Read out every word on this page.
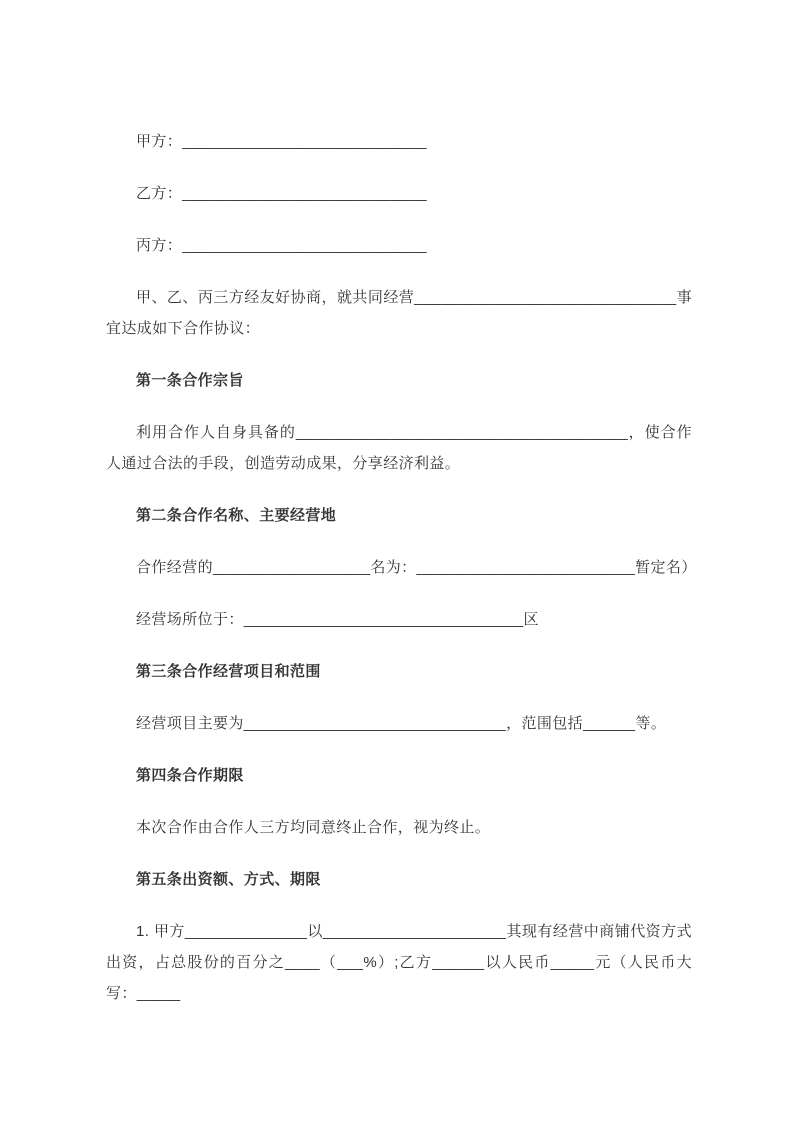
甲方：____________________________

乙方：____________________________

丙方：____________________________

甲、乙、丙三方经友好协商，就共同经营______________________________事宜达成如下合作协议：

第一条合作宗旨

利用合作人自身具备的______________________________________，使合作人通过合法的手段，创造劳动成果，分享经济利益。

第二条合作名称、主要经营地

合作经营的__________________名为：_________________________暂定名）

经营场所位于：________________________________区

第三条合作经营项目和范围

经营项目主要为______________________________，范围包括______等。

第四条合作期限

本次合作由合作人三方均同意终止合作，视为终止。

第五条出资额、方式、期限

1. 甲方______________以_____________________其现有经营中商铺代资方式出资，占总股份的百分之____（___%）;乙方______以人民币_____元（人民币大写：_____
